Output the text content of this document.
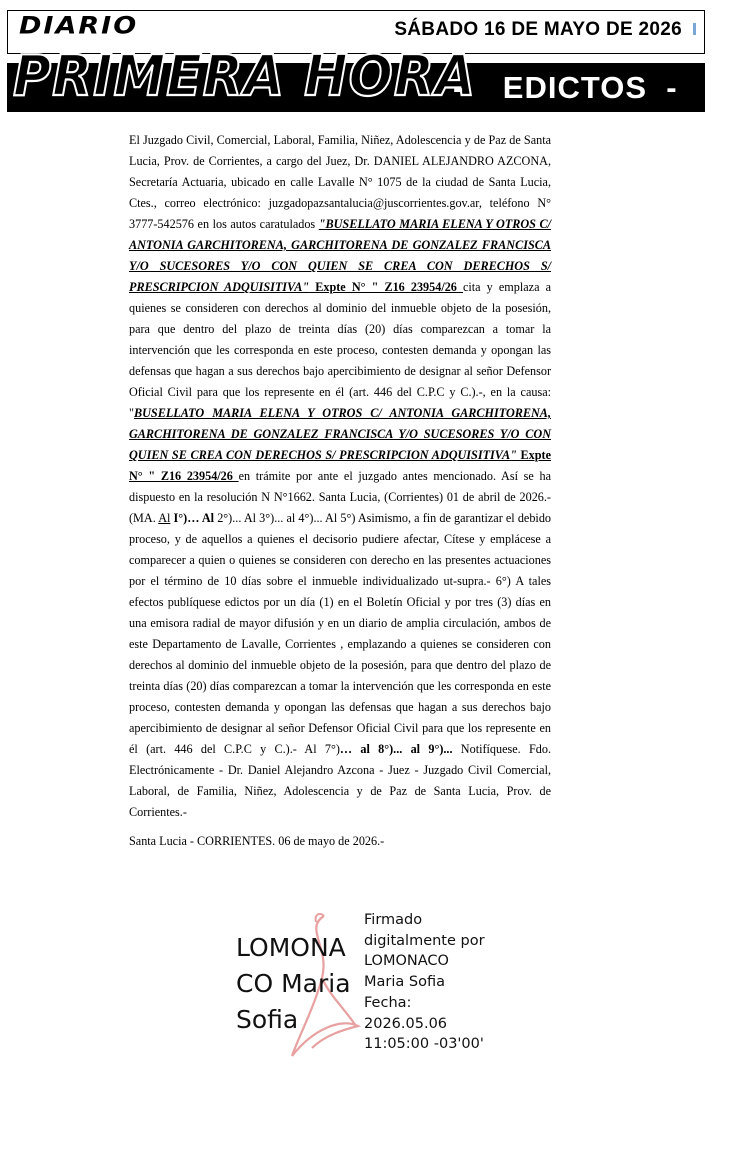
SÁBADO 16 DE MAYO DE 2026
DIARIO
PRIMERA HORA
-    EDICTOS  -

El Juzgado Civil, Comercial, Laboral, Familia, Niñez, Adolescencia y de Paz de Santa Lucia, Prov. de Corrientes, a cargo del Juez, Dr. DANIEL ALEJANDRO AZCONA, Secretaría Actuaria, ubicado en calle Lavalle N° 1075 de la ciudad de Santa Lucia, Ctes., correo electrónico: juzgadopazsantalucia@juscorrientes.gov.ar, teléfono N° 3777-542576 en los autos caratulados "BUSELLATO MARIA ELENA Y OTROS C/ ANTONIA GARCHITORENA, GARCHITORENA DE GONZALEZ FRANCISCA Y/O SUCESORES Y/O CON QUIEN SE CREA CON DERECHOS S/ PRESCRIPCION ADQUISITIVA" Expte N° " Z16 23954/26 cita y emplaza a quienes se consideren con derechos al dominio del inmueble objeto de la posesión, para que dentro del plazo de treinta días (20) días comparezcan a tomar la intervención que les corresponda en este proceso, contesten demanda y opongan las defensas que hagan a sus derechos bajo apercibimiento de designar al señor Defensor Oficial Civil para que los represente en él (art. 446 del C.P.C y C.).-, en la causa: "BUSELLATO MARIA ELENA Y OTROS C/ ANTONIA GARCHITORENA, GARCHITORENA DE GONZALEZ FRANCISCA Y/O SUCESORES Y/O CON QUIEN SE CREA CON DERECHOS S/ PRESCRIPCION ADQUISITIVA" Expte N° " Z16 23954/26 en trámite por ante el juzgado antes mencionado. Así se ha dispuesto en la resolución N N°1662. Santa Lucia, (Corrientes) 01 de abril de 2026.- (MA. Al I°)… Al 2°)... Al 3°)... al 4°)... Al 5°) Asimismo, a fin de garantizar el debido proceso, y de aquellos a quienes el decisorio pudiere afectar, Cítese y emplácese a comparecer a quien o quienes se consideren con derecho en las presentes actuaciones por el término de 10 días sobre el inmueble individualizado ut-supra.- 6°) A tales efectos publíquese edictos por un día (1) en el Boletín Oficial y por tres (3) días en una emisora radial de mayor difusión y en un diario de amplia circulación, ambos de este Departamento de Lavalle, Corrientes , emplazando a quienes se consideren con derechos al dominio del inmueble objeto de la posesión, para que dentro del plazo de treinta días (20) días comparezcan a tomar la intervención que les corresponda en este proceso, contesten demanda y opongan las defensas que hagan a sus derechos bajo apercibimiento de designar al señor Defensor Oficial Civil para que los represente en él (art. 446 del C.P.C y C.).- Al 7°)… al 8°)... al 9°)... Notifíquese. Fdo. Electrónicamente - Dr. Daniel Alejandro Azcona - Juez - Juzgado Civil Comercial, Laboral, de Familia, Niñez, Adolescencia y de Paz de Santa Lucia, Prov. de Corrientes.-

Santa Lucia - CORRIENTES. 06 de mayo de 2026.-

LOMONA
CO Maria
Sofia
Firmado
digitalmente por
LOMONACO
Maria Sofia
Fecha:
2026.05.06
11:05:00 -03'00'
